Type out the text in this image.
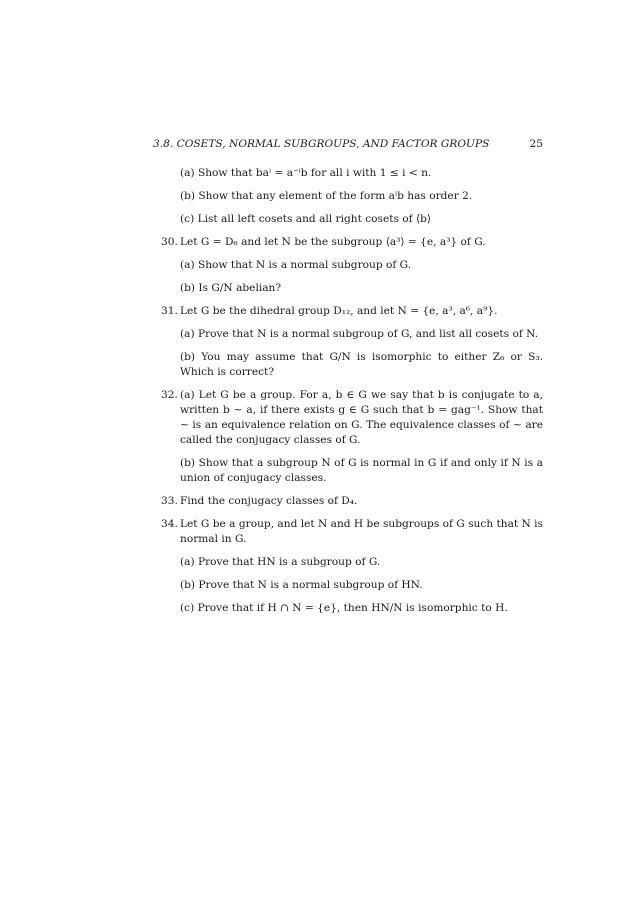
3.8. COSETS, NORMAL SUBGROUPS, AND FACTOR GROUPS	25
(a) Show that baⁱ = a⁻ⁱb for all i with 1 ≤ i < n.
(b) Show that any element of the form aⁱb has order 2.
(c) List all left cosets and all right cosets of ⟨b⟩
30. Let G = D₆ and let N be the subgroup ⟨a³⟩ = {e, a³} of G.
(a) Show that N is a normal subgroup of G.
(b) Is G/N abelian?
31. Let G be the dihedral group D₁₂, and let N = {e, a³, a⁶, a⁹}.
(a) Prove that N is a normal subgroup of G, and list all cosets of N.
(b) You may assume that G/N is isomorphic to either Z₆ or S₃. Which is correct?
32. (a) Let G be a group. For a, b ∈ G we say that b is conjugate to a, written b ∼ a, if there exists g ∈ G such that b = gag⁻¹. Show that ∼ is an equivalence relation on G. The equivalence classes of ∼ are called the conjugacy classes of G.
(b) Show that a subgroup N of G is normal in G if and only if N is a union of conjugacy classes.
33. Find the conjugacy classes of D₄.
34. Let G be a group, and let N and H be subgroups of G such that N is normal in G.
(a) Prove that HN is a subgroup of G.
(b) Prove that N is a normal subgroup of HN.
(c) Prove that if H ∩ N = {e}, then HN/N is isomorphic to H.
